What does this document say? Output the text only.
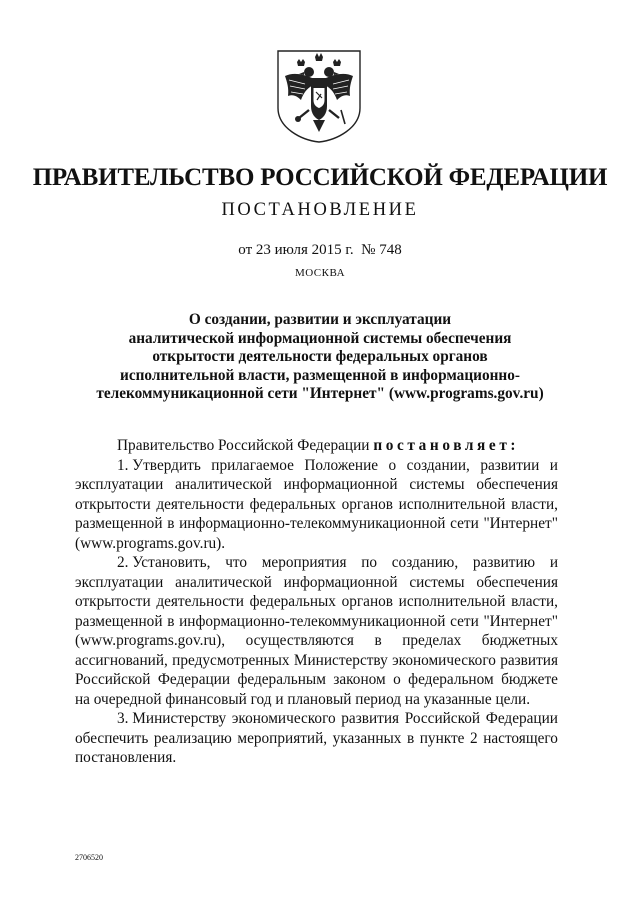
ПРАВИТЕЛЬСТВО РОССИЙСКОЙ ФЕДЕРАЦИИ
ПОСТАНОВЛЕНИЕ
от 23 июля 2015 г. № 748
МОСКВА
О создании, развитии и эксплуатации
аналитической информационной системы обеспечения
открытости деятельности федеральных органов
исполнительной власти, размещенной в информационно-
телекоммуникационной сети "Интернет" (www.programs.gov.ru)
Правительство Российской Федерации постановляет:
1. Утвердить прилагаемое Положение о создании, развитии и
эксплуатации аналитической информационной системы обеспечения
открытости деятельности федеральных органов исполнительной власти,
размещенной в информационно-телекоммуникационной сети "Интернет"
(www.programs.gov.ru).
2. Установить, что мероприятия по созданию, развитию и
эксплуатации аналитической информационной системы обеспечения
открытости деятельности федеральных органов исполнительной власти,
размещенной в информационно-телекоммуникационной сети "Интернет"
(www.programs.gov.ru), осуществляются в пределах бюджетных
ассигнований, предусмотренных Министерству экономического развития
Российской Федерации федеральным законом о федеральном бюджете
на очередной финансовый год и плановый период на указанные цели.
3. Министерству экономического развития Российской Федерации
обеспечить реализацию мероприятий, указанных в пункте 2 настоящего
постановления.
2706520
